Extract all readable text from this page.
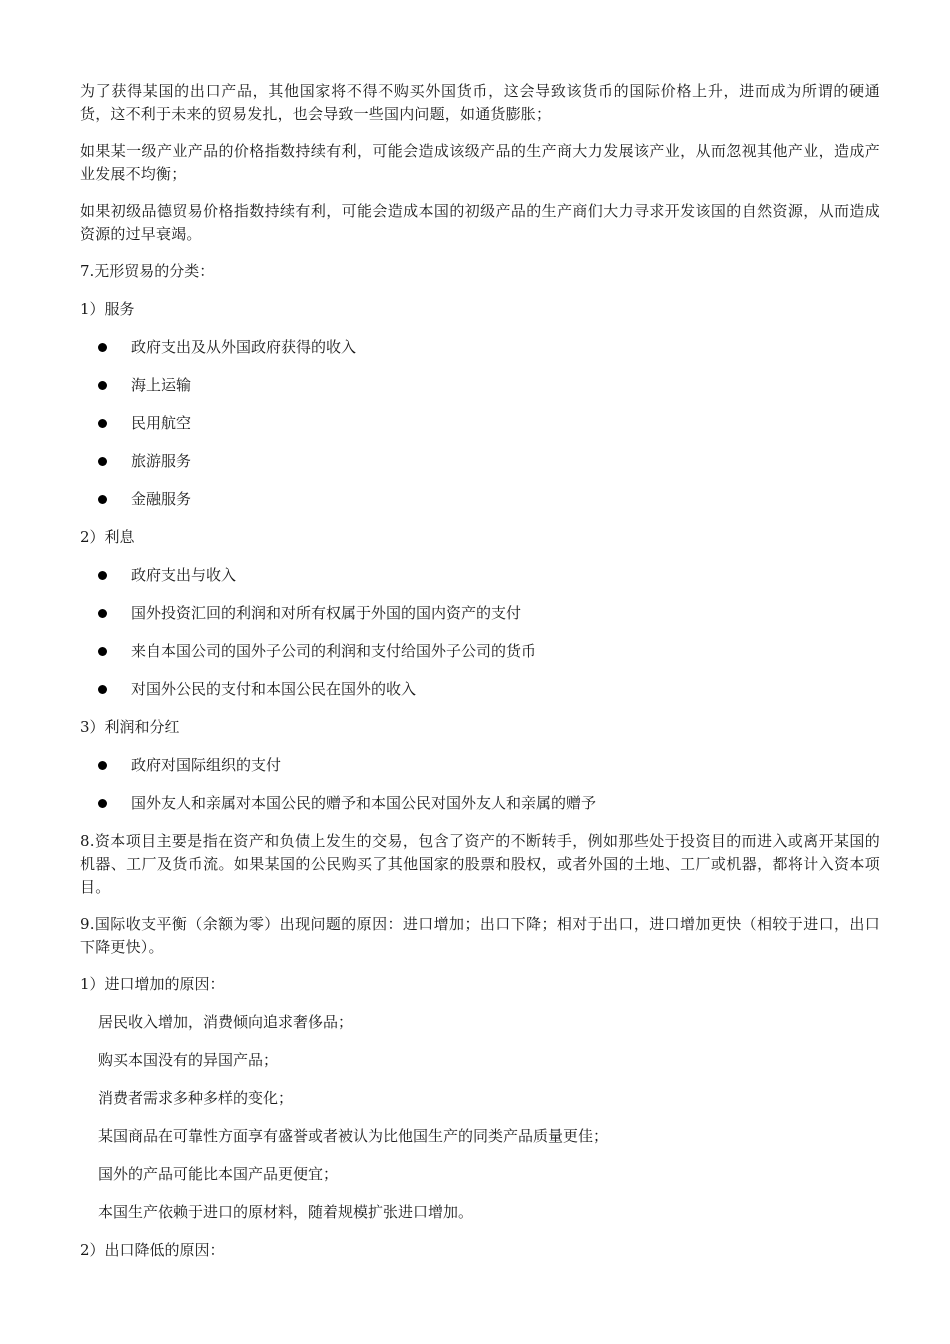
为了获得某国的出口产品，其他国家将不得不购买外国货币，这会导致该货币的国际价格上升，进而成为所谓的硬通货，这不利于未来的贸易发扎，也会导致一些国内问题，如通货膨胀；

如果某一级产业产品的价格指数持续有利，可能会造成该级产品的生产商大力发展该产业，从而忽视其他产业，造成产业发展不均衡；

如果初级品德贸易价格指数持续有利，可能会造成本国的初级产品的生产商们大力寻求开发该国的自然资源，从而造成资源的过早衰竭。

7.无形贸易的分类：
1）服务
政府支出及从外国政府获得的收入
海上运输
民用航空
旅游服务
金融服务
2）利息
政府支出与收入
国外投资汇回的利润和对所有权属于外国的国内资产的支付
来自本国公司的国外子公司的利润和支付给国外子公司的货币
对国外公民的支付和本国公民在国外的收入
3）利润和分红
政府对国际组织的支付
国外友人和亲属对本国公民的赠予和本国公民对国外友人和亲属的赠予

8.资本项目主要是指在资产和负债上发生的交易，包含了资产的不断转手，例如那些处于投资目的而进入或离开某国的机器、工厂及货币流。如果某国的公民购买了其他国家的股票和股权，或者外国的土地、工厂或机器，都将计入资本项目。

9.国际收支平衡（余额为零）出现问题的原因：进口增加；出口下降；相对于出口，进口增加更快（相较于进口，出口下降更快）。

1）进口增加的原因：
居民收入增加，消费倾向追求奢侈品；
购买本国没有的异国产品；
消费者需求多种多样的变化；
某国商品在可靠性方面享有盛誉或者被认为比他国生产的同类产品质量更佳；
国外的产品可能比本国产品更便宜；
本国生产依赖于进口的原材料，随着规模扩张进口增加。
2）出口降低的原因：
